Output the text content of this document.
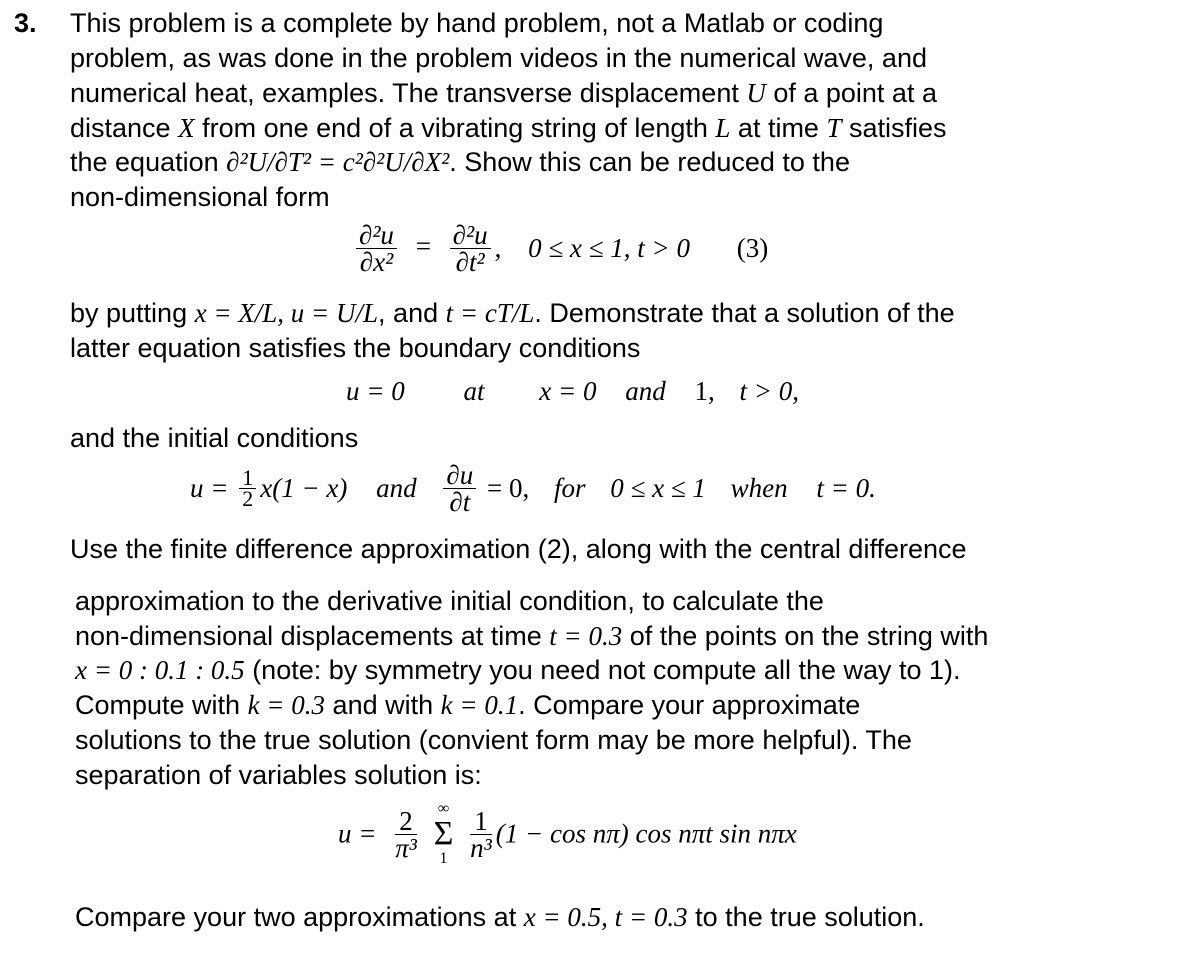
3. This problem is a complete by hand problem, not a Matlab or coding
problem, as was done in the problem videos in the numerical wave, and
numerical heat, examples. The transverse displacement U of a point at a
distance X from one end of a vibrating string of length L at time T satisfies
the equation ∂²U/∂T² = c²∂²U/∂X². Show this can be reduced to the
non-dimensional form
$\frac{\text{∂²u}}{\text{∂x²}} = \frac{\text{∂²u}}{\text{∂t²}}$ , 0 ≤ x ≤ 1, t > 0 (3)
by putting x = X/L, u = U/L, and t = cT/L. Demonstrate that a solution of the
latter equation satisfies the boundary conditions
u = 0 at x = 0 and 1, t > 0,
and the initial conditions
$u = \frac{1}{2} x(1 - x)$ and $\frac{\partial u}{\partial t} = 0$, for 0 ≤ x ≤ 1 when t = 0.
Use the finite difference approximation (2), along with the central difference
approximation to the derivative initial condition, to calculate the
non-dimensional displacements at time t = 0.3 of the points on the string with
x = 0 : 0.1 : 0.5 (note: by symmetry you need not compute all the way to 1).
Compute with k = 0.3 and with k = 0.1. Compare your approximate
solutions to the true solution (convient form may be more helpful). The
separation of variables solution is:
$u = \frac{2}{\text{π³}}$
∞
Σ
1
$\frac{1}{\text{n³}} (1 - \cos n\pi)$ cos nπt sin nπx
Compare your two approximations at x = 0.5, t = 0.3 to the true solution.
